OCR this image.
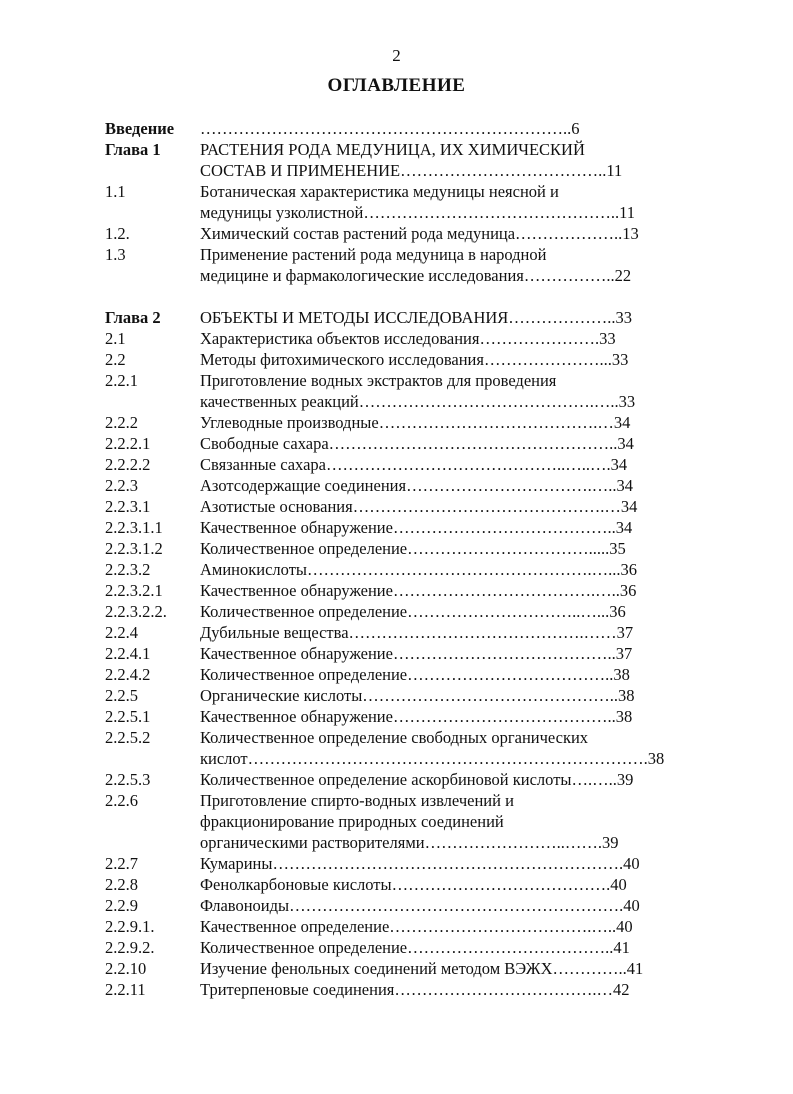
2
ОГЛАВЛЕНИЕ
Введение	…………………………………………………………..6
Глава 1	РАСТЕНИЯ РОДА МЕДУНИЦА, ИХ ХИМИЧЕСКИЙ
СОСТАВ И ПРИМЕНЕНИЕ………………………………..11
1.1	Ботаническая характеристика медуницы неясной и
медуницы узколистной………………………………………..11
1.2.	Химический состав растений рода медуница………………..13
1.3	Применение растений рода медуница в народной
медицине и фармакологические исследования……………..22
Глава 2	ОБЪЕКТЫ И МЕТОДЫ ИССЛЕДОВАНИЯ………………..33
2.1	Характеристика объектов исследования………………….33
2.2	Методы фитохимического исследования…………………...33
2.2.1	Приготовление водных экстрактов для проведения
качественных реакций…………………………………….…..33
2.2.2	Углеводные производные………………………………….…34
2.2.2.1	Свободные сахара……………………………………………..34
2.2.2.2	Связанные сахара……………………………………..…..….34
2.2.3	Азотсодержащие соединения…………………………….…..34
2.2.3.1	Азотистые основания……………………………………….…34
2.2.3.1.1	Качественное обнаружение…………………………………..34
2.2.3.1.2	Количественное определение…………………………….....35
2.2.3.2	Аминокислоты…………………………………………….…...36
2.2.3.2.1	Качественное обнаружение……………………………….…..36
2.2.3.2.2.	Количественное определение…………………………..…...36
2.2.4	Дубильные вещества…………………………………….……37
2.2.4.1	Качественное обнаружение…………………………………..37
2.2.4.2	Количественное определение………………………………..38
2.2.5	Органические кислоты………………………………………..38
2.2.5.1	Качественное обнаружение…………………………………..38
2.2.5.2	Количественное определение свободных органических
кислот……………………………………………………………….38
2.2.5.3	Количественное определение аскорбиновой кислоты….…..39
2.2.6	Приготовление спирто-водных извлечений и
фракционирование природных соединений
органическими растворителями……………………..…….39
2.2.7	Кумарины……………………………………………………….40
2.2.8	Фенолкарбоновые кислоты………………………………….40
2.2.9	Флавоноиды…………………………………………………….40
2.2.9.1.	Качественное определение……………………………….…..40
2.2.9.2.	Количественное определение………………………………..41
2.2.10	Изучение фенольных соединений методом ВЭЖХ…………..41
2.2.11	Тритерпеновые соединения……………………………….…42
